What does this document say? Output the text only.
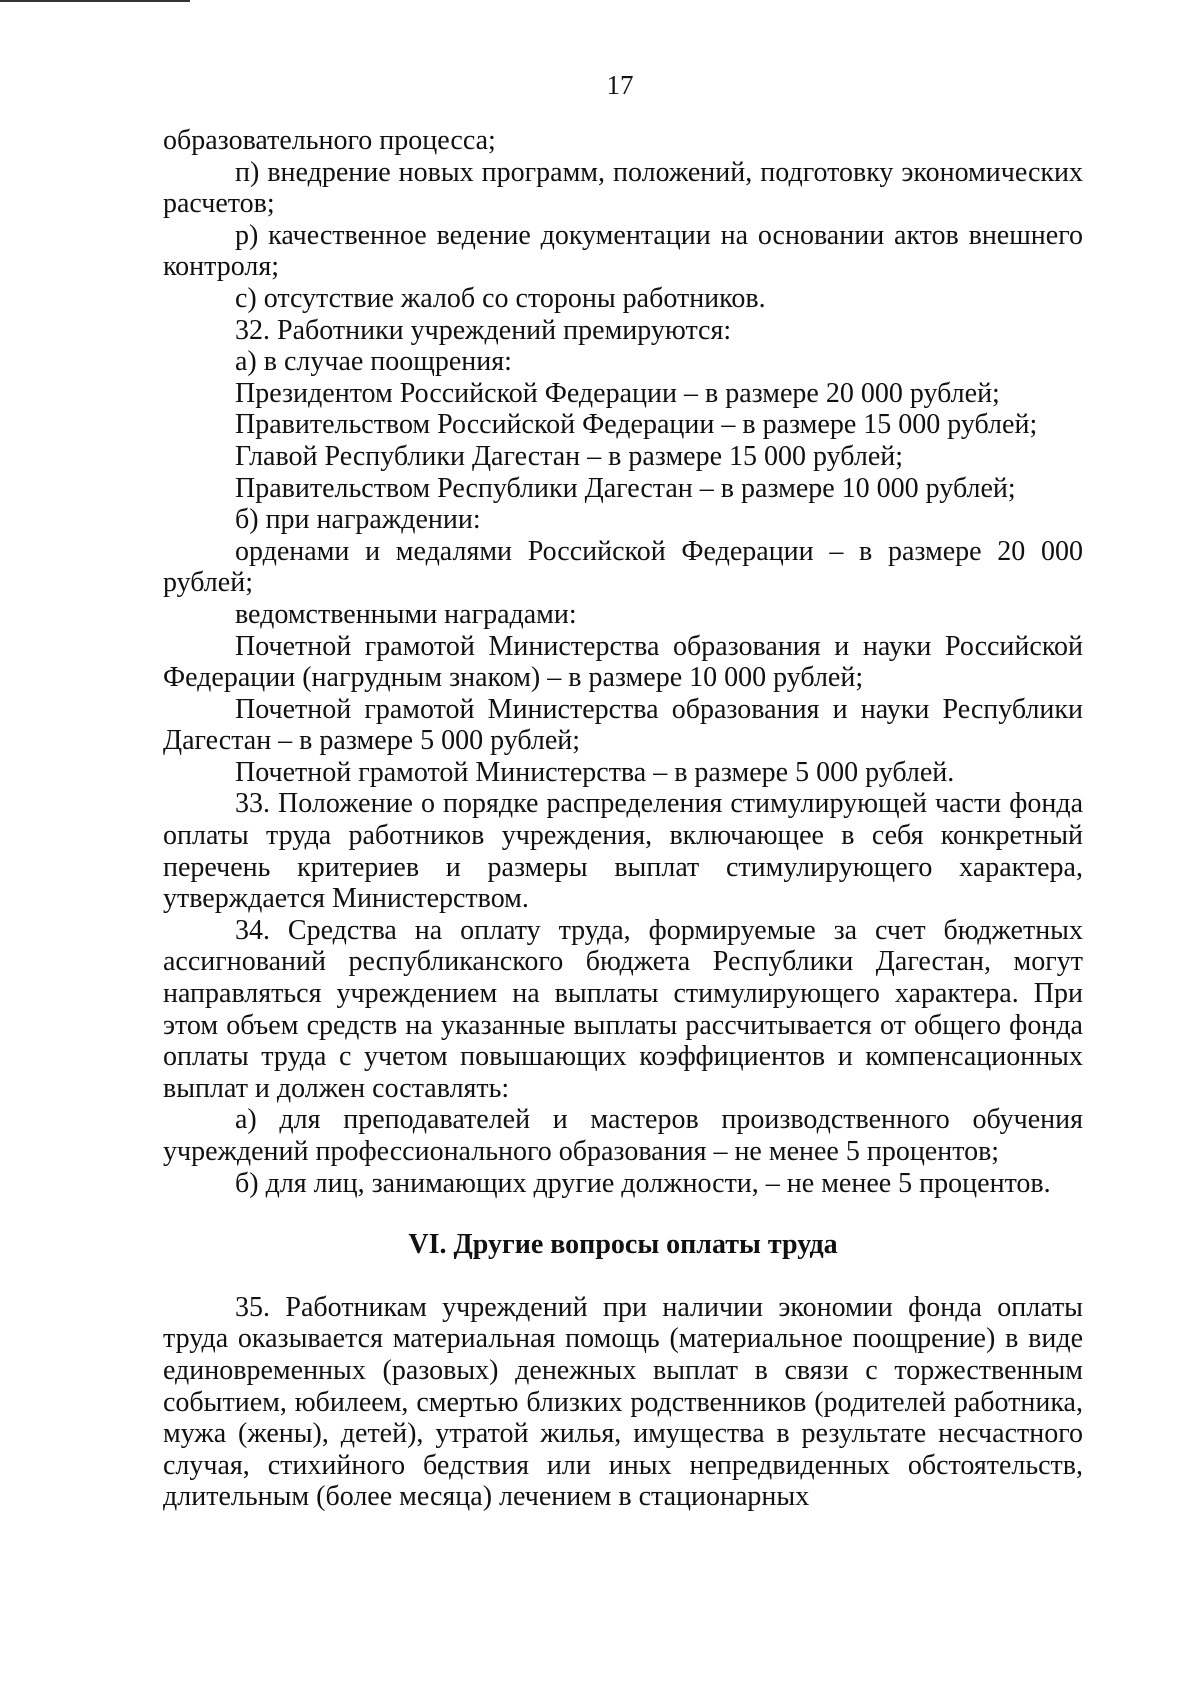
17

образовательного процесса;

п) внедрение новых программ, положений, подготовку экономических расчетов;

р) качественное ведение документации на основании актов внешнего контроля;

с) отсутствие жалоб со стороны работников.

32. Работники учреждений премируются:

а) в случае поощрения:

Президентом Российской Федерации – в размере 20 000 рублей;

Правительством Российской Федерации – в размере 15 000 рублей;

Главой Республики Дагестан – в размере 15 000 рублей;

Правительством Республики Дагестан – в размере 10 000 рублей;

б) при награждении:

орденами и медалями Российской Федерации – в размере 20 000 рублей;

ведомственными наградами:

Почетной грамотой Министерства образования и науки Российской Федерации (нагрудным знаком) – в размере 10 000 рублей;

Почетной грамотой Министерства образования и науки Республики Дагестан – в размере 5 000 рублей;

Почетной грамотой Министерства – в размере 5 000 рублей.

33. Положение о порядке распределения стимулирующей части фонда оплаты труда работников учреждения, включающее в себя конкретный перечень критериев и размеры выплат стимулирующего характера, утверждается Министерством.

34. Средства на оплату труда, формируемые за счет бюджетных ассигнований республиканского бюджета Республики Дагестан, могут направляться учреждением на выплаты стимулирующего характера. При этом объем средств на указанные выплаты рассчитывается от общего фонда оплаты труда с учетом повышающих коэффициентов и компенсационных выплат и должен составлять:

а) для преподавателей и мастеров производственного обучения учреждений профессионального образования – не менее 5 процентов;

б) для лиц, занимающих другие должности, – не менее 5 процентов.

VI. Другие вопросы оплаты труда

35. Работникам учреждений при наличии экономии фонда оплаты труда оказывается материальная помощь (материальное поощрение) в виде единовременных (разовых) денежных выплат в связи с торжественным событием, юбилеем, смертью близких родственников (родителей работника, мужа (жены), детей), утратой жилья, имущества в результате несчастного случая, стихийного бедствия или иных непредвиденных обстоятельств, длительным (более месяца) лечением в стационарных
